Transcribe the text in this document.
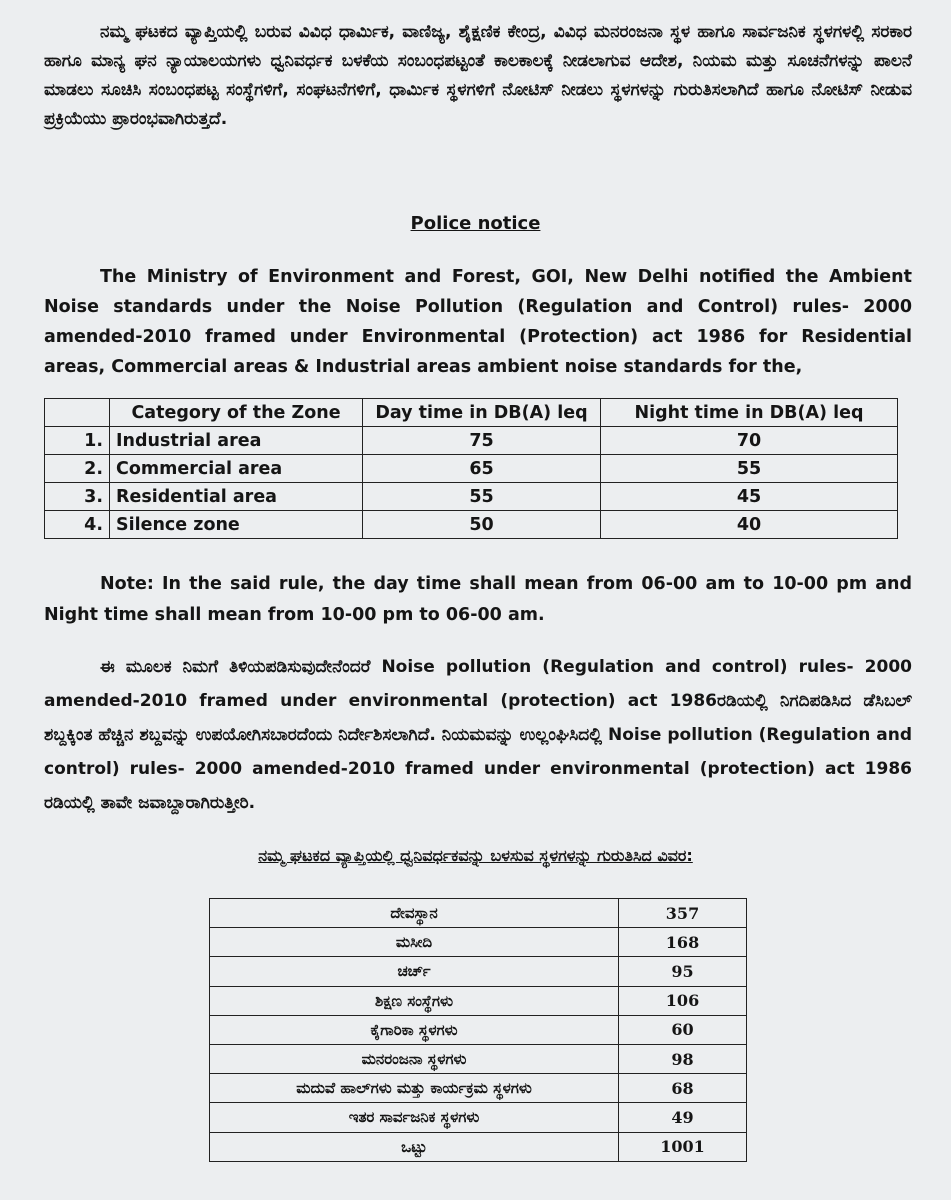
ನಮ್ಮ ಘಟಕದ ವ್ಯಾಪ್ತಿಯಲ್ಲಿ ಬರುವ ವಿವಿಧ ಧಾರ್ಮಿಕ, ವಾಣಿಜ್ಯ, ಶೈಕ್ಷಣಿಕ ಕೇಂದ್ರ, ವಿವಿಧ ಮನರಂಜನಾ ಸ್ಥಳ ಹಾಗೂ ಸಾರ್ವಜನಿಕ ಸ್ಥಳಗಳಲ್ಲಿ ಸರಕಾರ ಹಾಗೂ ಮಾನ್ಯ ಘನ ನ್ಯಾಯಾಲಯಗಳು ಧ್ವನಿವರ್ಧಕ ಬಳಕೆಯ ಸಂಬಂಧಪಟ್ಟಂತೆ ಕಾಲಕಾಲಕ್ಕೆ ನೀಡಲಾಗುವ ಆದೇಶ, ನಿಯಮ ಮತ್ತು ಸೂಚನೆಗಳನ್ನು ಪಾಲನೆ ಮಾಡಲು ಸೂಚಿಸಿ ಸಂಬಂಧಪಟ್ಟ ಸಂಸ್ಥೆಗಳಿಗೆ, ಸಂಘಟನೆಗಳಿಗೆ, ಧಾರ್ಮಿಕ ಸ್ಥಳಗಳಿಗೆ ನೋಟಿಸ್ ನೀಡಲು ಸ್ಥಳಗಳನ್ನು ಗುರುತಿಸಲಾಗಿದೆ ಹಾಗೂ ನೋಟಿಸ್ ನೀಡುವ ಪ್ರಕ್ರಿಯೆಯು ಪ್ರಾರಂಭವಾಗಿರುತ್ತದೆ.

Police notice

The Ministry of Environment and Forest, GOI, New Delhi notified the Ambient Noise standards under the Noise Pollution (Regulation and Control) rules- 2000 amended-2010 framed under Environmental (Protection) act 1986 for Residential areas, Commercial areas & Industrial areas ambient noise standards for the,

	Category of the Zone	Day time in DB(A) leq	Night time in DB(A) leq
1.	Industrial area	75	70
2.	Commercial area	65	55
3.	Residential area	55	45
4.	Silence zone	50	40

Note: In the said rule, the day time shall mean from 06-00 am to 10-00 pm and Night time shall mean from 10-00 pm to 06-00 am.

ಈ ಮೂಲಕ ನಿಮಗೆ ತಿಳಿಯಪಡಿಸುವುದೇನೆಂದರೆ Noise pollution (Regulation and control) rules- 2000 amended-2010 framed under environmental (protection) act 1986ರಡಿಯಲ್ಲಿ ನಿಗದಿಪಡಿಸಿದ ಡೆಸಿಬಲ್ ಶಬ್ದಕ್ಕಿಂತ ಹೆಚ್ಚಿನ ಶಬ್ದವನ್ನು ಉಪಯೋಗಿಸಬಾರದೆಂದು ನಿರ್ದೇಶಿಸಲಾಗಿದೆ. ನಿಯಮವನ್ನು ಉಲ್ಲಂಘಿಸಿದಲ್ಲಿ Noise pollution (Regulation and control) rules- 2000 amended-2010 framed under environmental (protection) act 1986 ರಡಿಯಲ್ಲಿ ತಾವೇ ಜವಾಬ್ದಾರಾಗಿರುತ್ತೀರಿ.

ನಮ್ಮ ಘಟಕದ ವ್ಯಾಪ್ತಿಯಲ್ಲಿ ಧ್ವನಿವರ್ಧಕವನ್ನು ಬಳಸುವ ಸ್ಥಳಗಳನ್ನು ಗುರುತಿಸಿದ ವಿವರ:

ದೇವಸ್ಥಾನ	357
ಮಸೀದಿ	168
ಚರ್ಚ್	95
ಶಿಕ್ಷಣ ಸಂಸ್ಥೆಗಳು	106
ಕೈಗಾರಿಕಾ ಸ್ಥಳಗಳು	60
ಮನರಂಜನಾ ಸ್ಥಳಗಳು	98
ಮದುವೆ ಹಾಲ್‌ಗಳು ಮತ್ತು ಕಾರ್ಯಕ್ರಮ ಸ್ಥಳಗಳು	68
ಇತರ ಸಾರ್ವಜನಿಕ ಸ್ಥಳಗಳು	49
ಒಟ್ಟು	1001
